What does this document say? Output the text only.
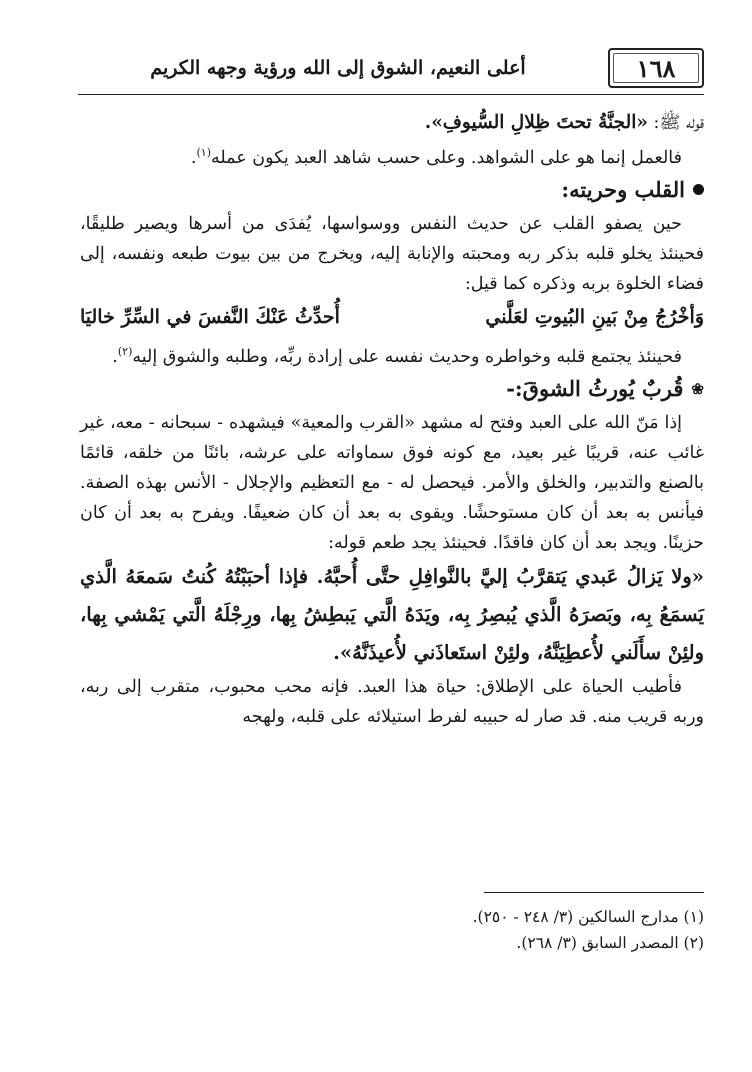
١٦٨
أعلى النعيم، الشوق إلى الله ورؤية وجهه الكريم

قوله ﷺ: «الجنَّةُ تحتَ ظِلالِ السُّيوفِ».

فالعمل إنما هو على الشواهد. وعلى حسب شاهد العبد يكون عمله$^{(١)}$.

القلب وحريته:

حين يصفو القلب عن حديث النفس ووسواسها، يُفدَى من أسرها ويصير طليقًا، فحينئذ يخلو قلبه بذكر ربه ومحبته والإنابة إليه، ويخرج من بين بيوت طبعه ونفسه، إلى فضاء الخلوة بربه وذكره كما قيل:

وَأخْرُجُ مِنْ بَينِ البُيوتِ لعَلَّني
أُحدِّثُ عَنْكَ النَّفسَ في السِّرِّ خاليَا

فحينئذ يجتمع قلبه وخواطره وحديث نفسه على إرادة ربِّه، وطلبه والشوق إليه$^{(٢)}$.

❀
قُربٌ يُورثُ الشوقَ:-

إذا مَنّ الله على العبد وفتح له مشهد «القرب والمعية» فيشهده - سبحانه - معه، غير غائب عنه، قريبًا غير بعيد، مع كونه فوق سماواته على عرشه، بائنًا من خلقه، قائمًا بالصنع والتدبير، والخلق والأمر. فيحصل له - مع التعظيم والإجلال - الأنس بهذه الصفة. فيأنس به بعد أن كان مستوحشًا. ويقوى به بعد أن كان ضعيفًا. ويفرح به بعد أن كان حزينًا. ويجد بعد أن كان فاقدًا. فحينئذ يجد طعم قوله:

«ولا يَزالُ عَبدي يَتقرَّبُ إليَّ بالنَّوافِلِ حتَّى أُحبَّهُ. فإذا أحبَبْتُهُ كُنتُ سَمعَهُ الَّذي يَسمَعُ بِه، وبَصرَهُ الَّذي يُبصِرُ بِه، ويَدَهُ الَّتي يَبطِشُ بِها، ورِجْلَهُ الَّتي يَمْشي بِها، ولئِنْ سأَلَني لأُعطِيَنَّهُ، ولئِنْ استَعاذَني لأُعيذَنَّهُ».

فأطيب الحياة على الإطلاق: حياة هذا العبد. فإنه محب محبوب، متقرب إلى ربه، وربه قريب منه. قد صار له حبيبه لفرط استيلائه على قلبه، ولهجه

(١) مدارج السالكين (٣/ ٢٤٨ - ٢٥٠).

(٢) المصدر السابق (٣/ ٢٦٨).
